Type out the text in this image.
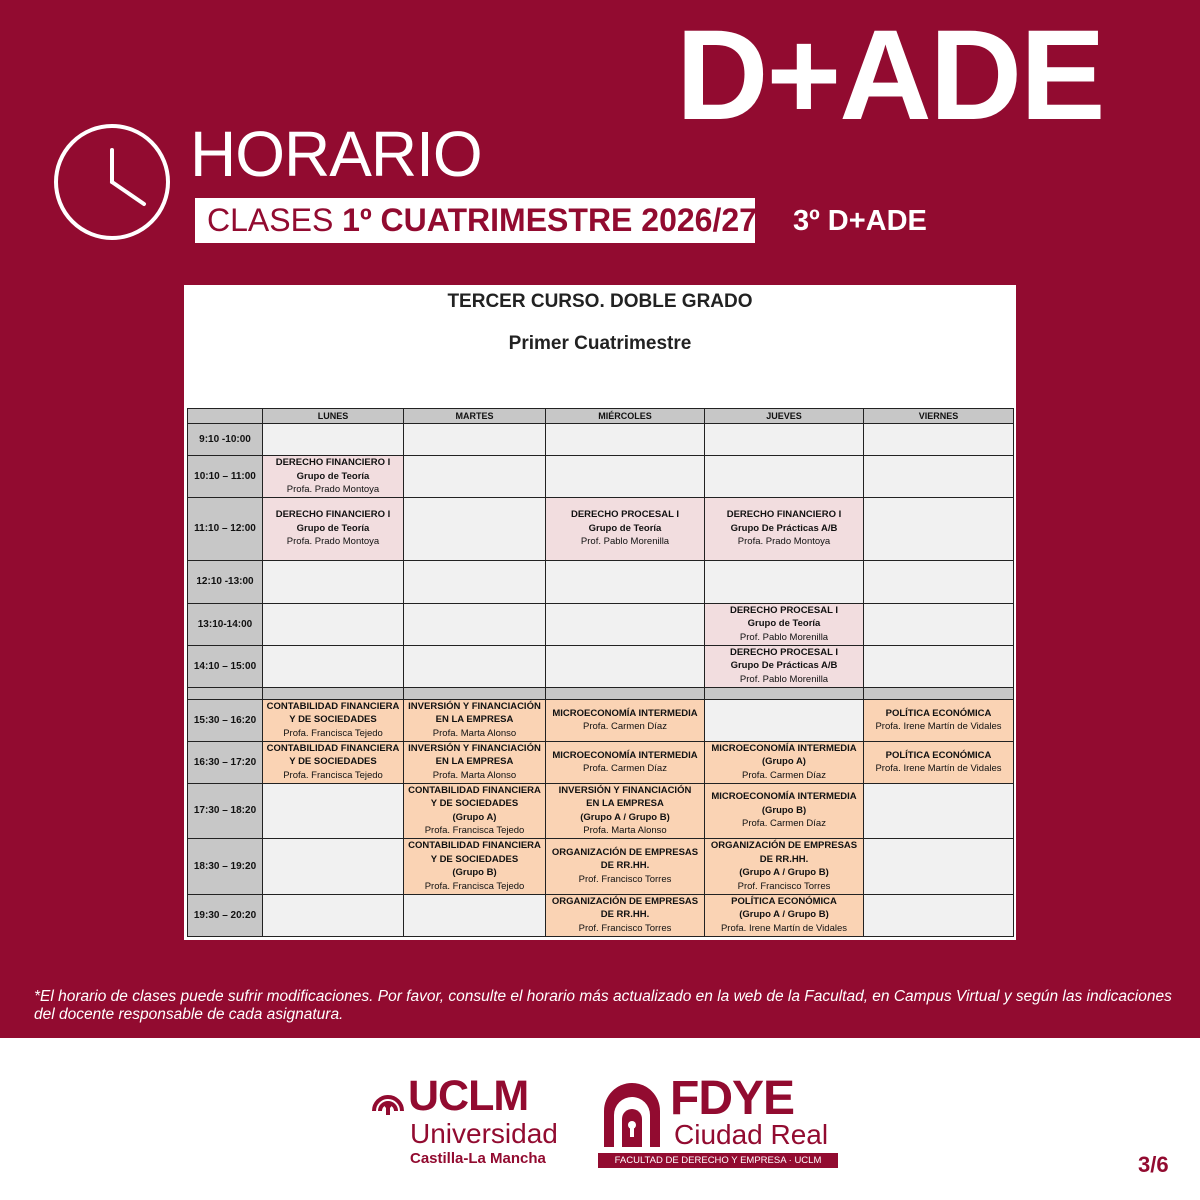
D+ADE
HORARIO
CLASES 1º CUATRIMESTRE 2026/27 3º D+ADE
TERCER CURSO. DOBLE GRADO
Primer Cuatrimestre
	LUNES	MARTES	MIÉRCOLES	JUEVES	VIERNES
9:10 -10:00					
10:10 – 11:00	DERECHO FINANCIERO I
Grupo de Teoría
Profa. Prado Montoya				

11:10 – 12:00	DERECHO FINANCIERO I
Grupo de Teoría
Profa. Prado Montoya		DERECHO PROCESAL I
Grupo de Teoría
Prof. Pablo Morenilla	DERECHO FINANCIERO I
Grupo De Prácticas A/B
Profa. Prado Montoya	

12:10 -13:00					
13:10-14:00				DERECHO PROCESAL I
Grupo de Teoría
Prof. Pablo Morenilla	

14:10 – 15:00				DERECHO PROCESAL I
Grupo De Prácticas A/B
Prof. Pablo Morenilla	

15:30 – 16:20	CONTABILIDAD FINANCIERA
Y DE SOCIEDADES
Profa. Francisca Tejedo	INVERSIÓN Y FINANCIACIÓN
EN LA EMPRESA
Profa. Marta Alonso	MICROECONOMÍA INTERMEDIA
Profa. Carmen Díaz		POLÍTICA ECONÓMICA
Profa. Irene Martín de Vidales

16:30 – 17:20	CONTABILIDAD FINANCIERA
Y DE SOCIEDADES
Profa. Francisca Tejedo	INVERSIÓN Y FINANCIACIÓN
EN LA EMPRESA
Profa. Marta Alonso	MICROECONOMÍA INTERMEDIA
Profa. Carmen Díaz	MICROECONOMÍA INTERMEDIA
(Grupo A)
Profa. Carmen Díaz	POLÍTICA ECONÓMICA
Profa. Irene Martín de Vidales

17:30 – 18:20		CONTABILIDAD FINANCIERA
Y DE SOCIEDADES
(Grupo A)
Profa. Francisca Tejedo	INVERSIÓN Y FINANCIACIÓN
EN LA EMPRESA
(Grupo A / Grupo B)
Profa. Marta Alonso	MICROECONOMÍA INTERMEDIA
(Grupo B)
Profa. Carmen Díaz	

18:30 – 19:20		CONTABILIDAD FINANCIERA
Y DE SOCIEDADES
(Grupo B)
Profa. Francisca Tejedo	ORGANIZACIÓN DE EMPRESAS
DE RR.HH.
Prof. Francisco Torres	ORGANIZACIÓN DE EMPRESAS
DE RR.HH.
(Grupo A / Grupo B)
Prof. Francisco Torres	

19:30 – 20:20			ORGANIZACIÓN DE EMPRESAS
DE RR.HH.
Prof. Francisco Torres	POLÍTICA ECONÓMICA
(Grupo A / Grupo B)
Profa. Irene Martín de Vidales	

*El horario de clases puede sufrir modificaciones. Por favor, consulte el horario más actualizado en la web de la Facultad, en Campus Virtual y según las indicaciones del docente responsable de cada asignatura.
UCLM
Universidad
Castilla-La Mancha
FDYE
Ciudad Real
FACULTAD DE DERECHO Y EMPRESA · UCLM	3/6
